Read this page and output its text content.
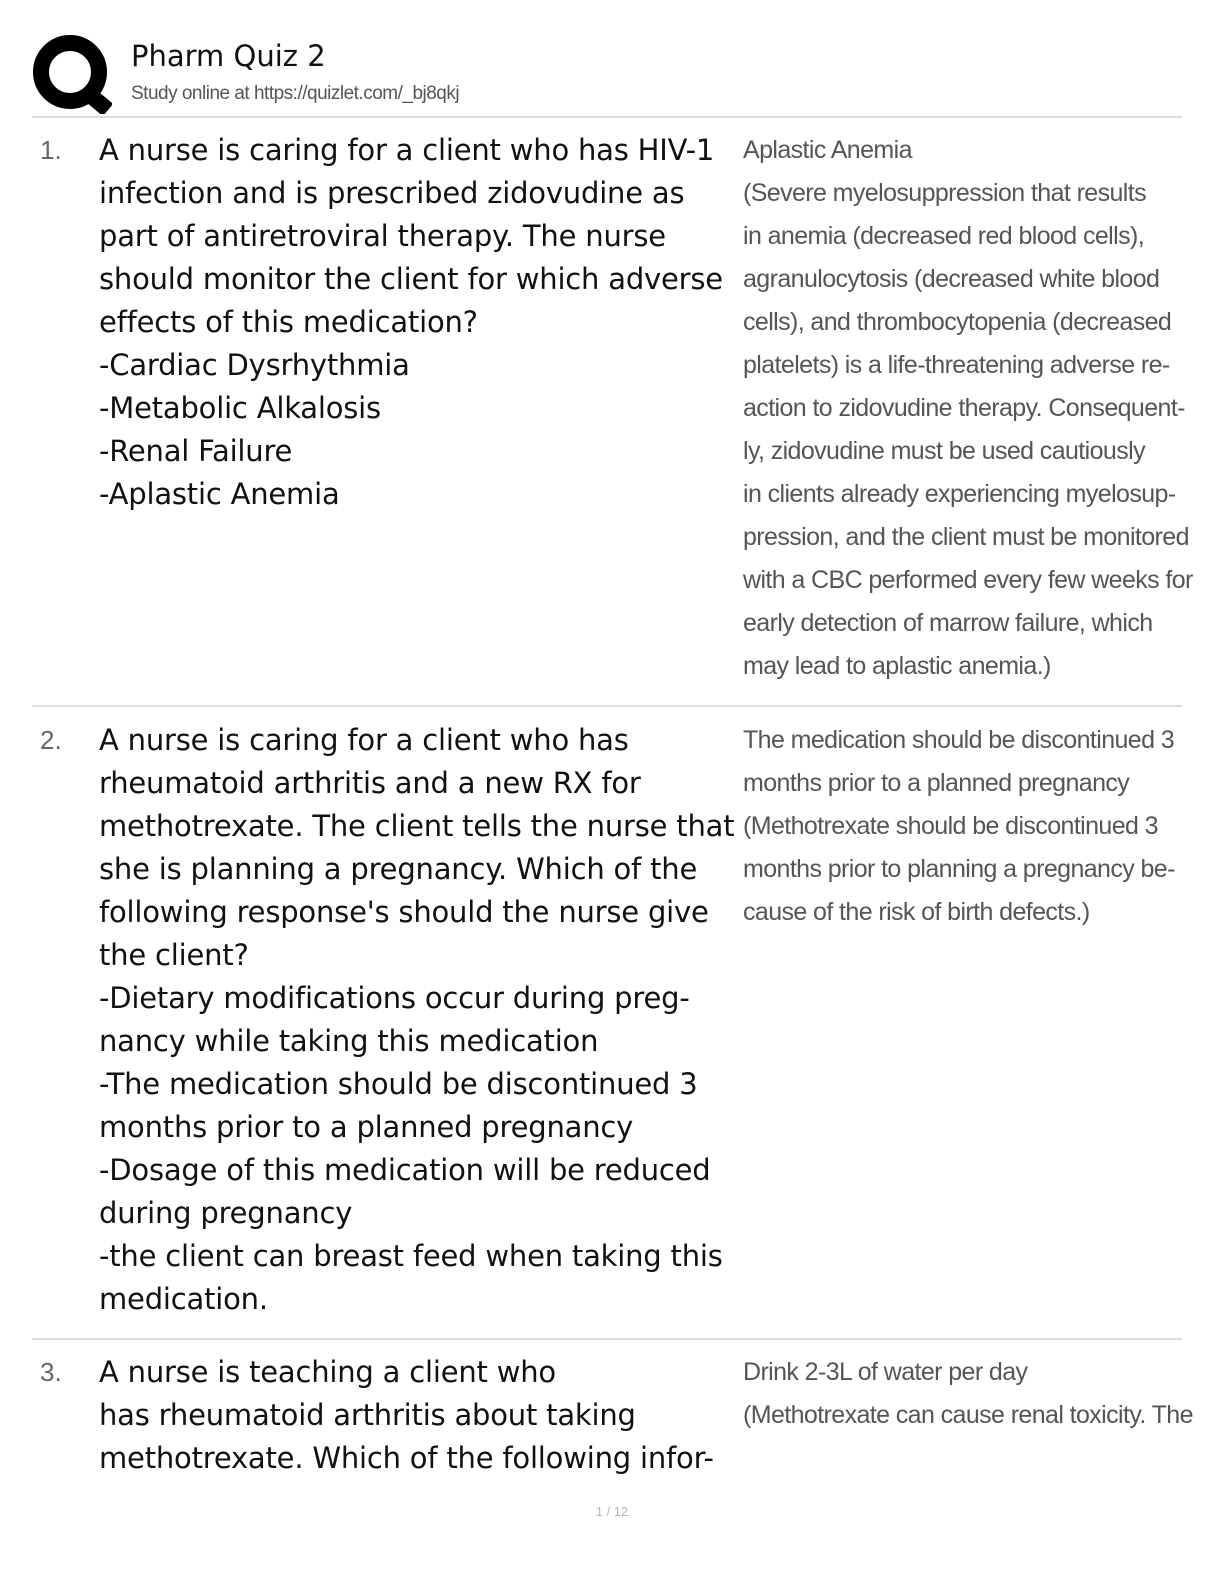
Pharm Quiz 2
Study online at https://quizlet.com/_bj8qkj
1. A nurse is caring for a client who has HIV-1
infection and is prescribed zidovudine as
part of antiretroviral therapy. The nurse
should monitor the client for which adverse
effects of this medication?
-Cardiac Dysrhythmia
-Metabolic Alkalosis
-Renal Failure
-Aplastic Anemia
Aplastic Anemia
(Severe myelosuppression that results
in anemia (decreased red blood cells),
agranulocytosis (decreased white blood
cells), and thrombocytopenia (decreased
platelets) is a life-threatening adverse re-
action to zidovudine therapy. Consequent-
ly, zidovudine must be used cautiously
in clients already experiencing myelosup-
pression, and the client must be monitored
with a CBC performed every few weeks for
early detection of marrow failure, which
may lead to aplastic anemia.)
2. A nurse is caring for a client who has
rheumatoid arthritis and a new RX for
methotrexate. The client tells the nurse that
she is planning a pregnancy. Which of the
following response's should the nurse give
the client?
-Dietary modifications occur during preg-
nancy while taking this medication
-The medication should be discontinued 3
months prior to a planned pregnancy
-Dosage of this medication will be reduced
during pregnancy
-the client can breast feed when taking this
medication.
The medication should be discontinued 3
months prior to a planned pregnancy
(Methotrexate should be discontinued 3
months prior to planning a pregnancy be-
cause of the risk of birth defects.)
3. A nurse is teaching a client who
has rheumatoid arthritis about taking
methotrexate. Which of the following infor-
Drink 2-3L of water per day
(Methotrexate can cause renal toxicity. The
1 / 12
